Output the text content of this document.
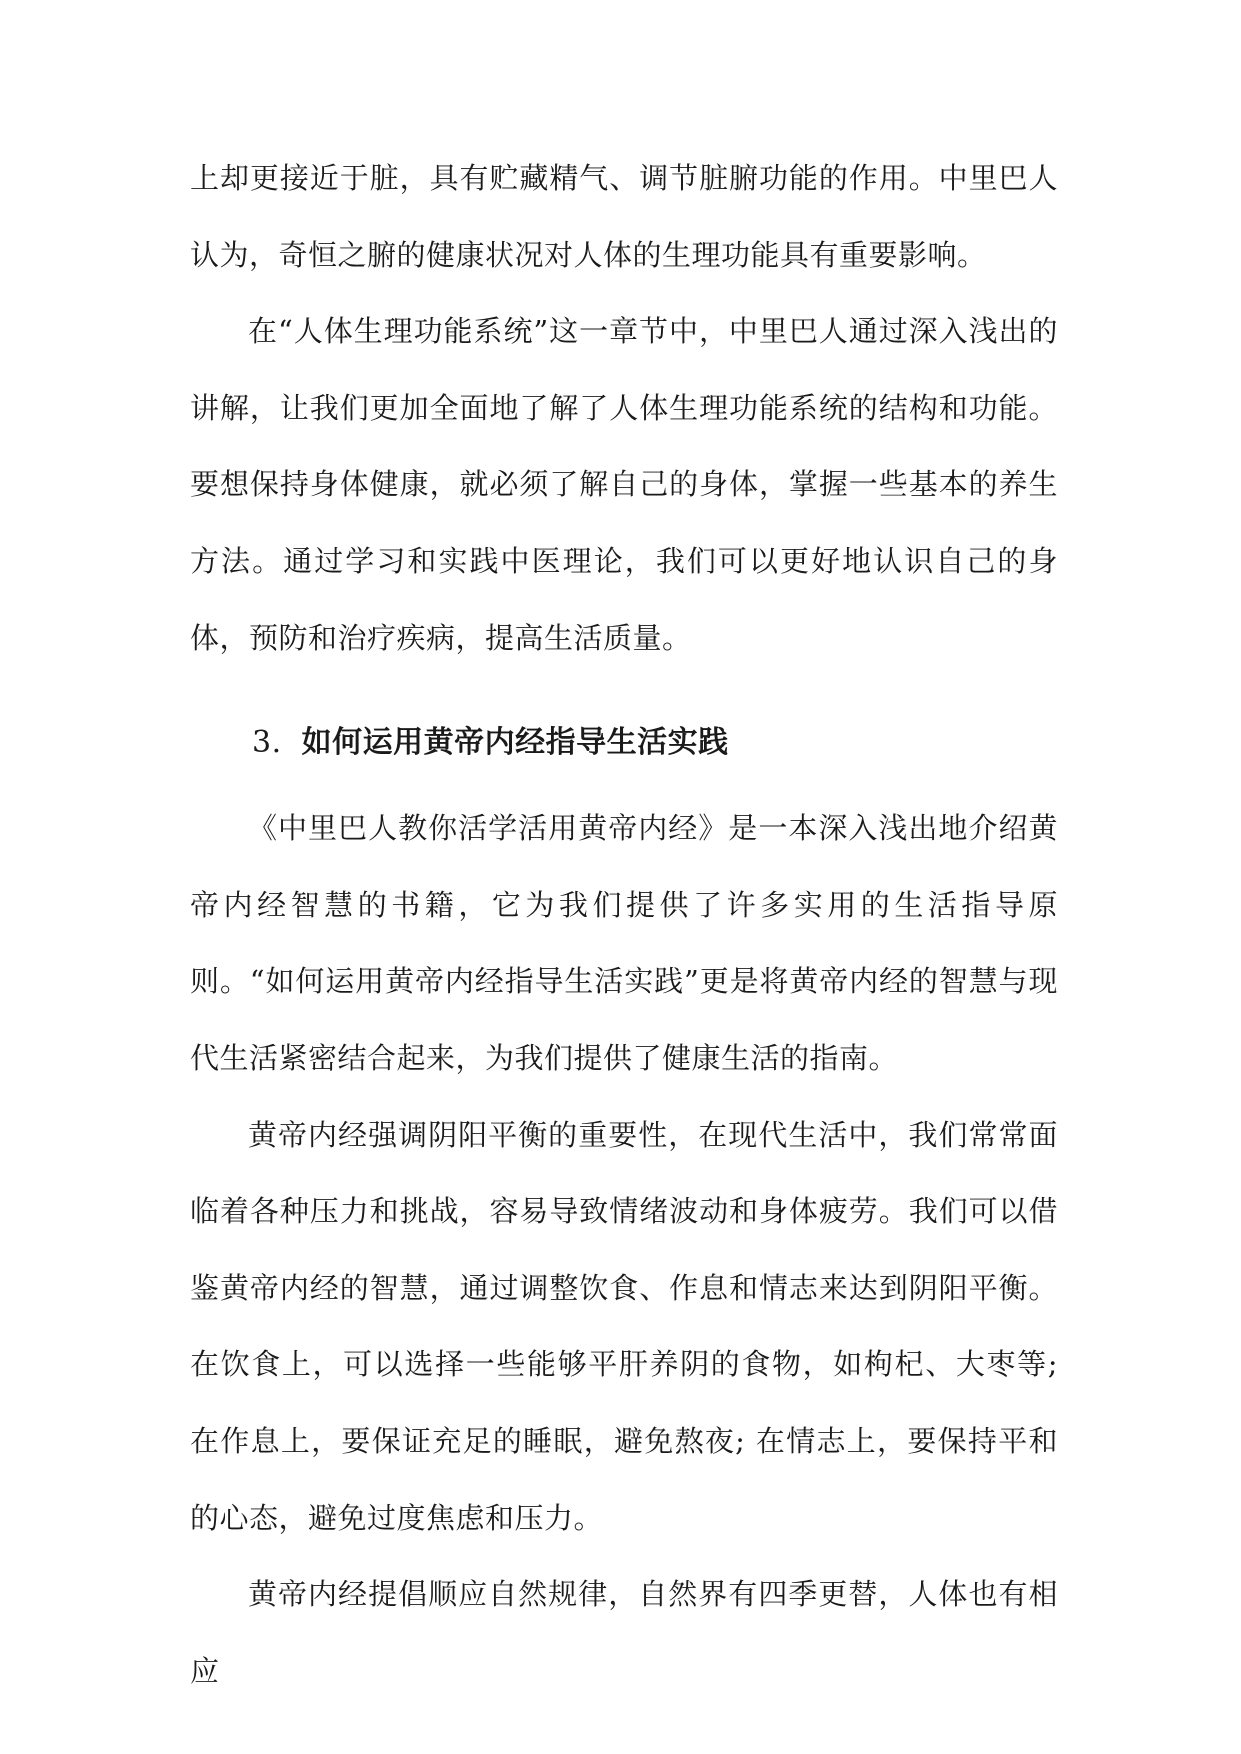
上却更接近于脏，具有贮藏精气、调节脏腑功能的作用。中里巴人认为，奇恒之腑的健康状况对人体的生理功能具有重要影响。

在“人体生理功能系统”这一章节中，中里巴人通过深入浅出的讲解，让我们更加全面地了解了人体生理功能系统的结构和功能。要想保持身体健康，就必须了解自己的身体，掌握一些基本的养生方法。通过学习和实践中医理论，我们可以更好地认识自己的身体，预防和治疗疾病，提高生活质量。

3. 如何运用黄帝内经指导生活实践

《中里巴人教你活学活用黄帝内经》是一本深入浅出地介绍黄帝内经智慧的书籍，它为我们提供了许多实用的生活指导原则。“如何运用黄帝内经指导生活实践”更是将黄帝内经的智慧与现代生活紧密结合起来，为我们提供了健康生活的指南。

黄帝内经强调阴阳平衡的重要性，在现代生活中，我们常常面临着各种压力和挑战，容易导致情绪波动和身体疲劳。我们可以借鉴黄帝内经的智慧，通过调整饮食、作息和情志来达到阴阳平衡。在饮食上，可以选择一些能够平肝养阴的食物，如枸杞、大枣等; 在作息上，要保证充足的睡眠，避免熬夜; 在情志上，要保持平和的心态，避免过度焦虑和压力。

黄帝内经提倡顺应自然规律，自然界有四季更替，人体也有相应
